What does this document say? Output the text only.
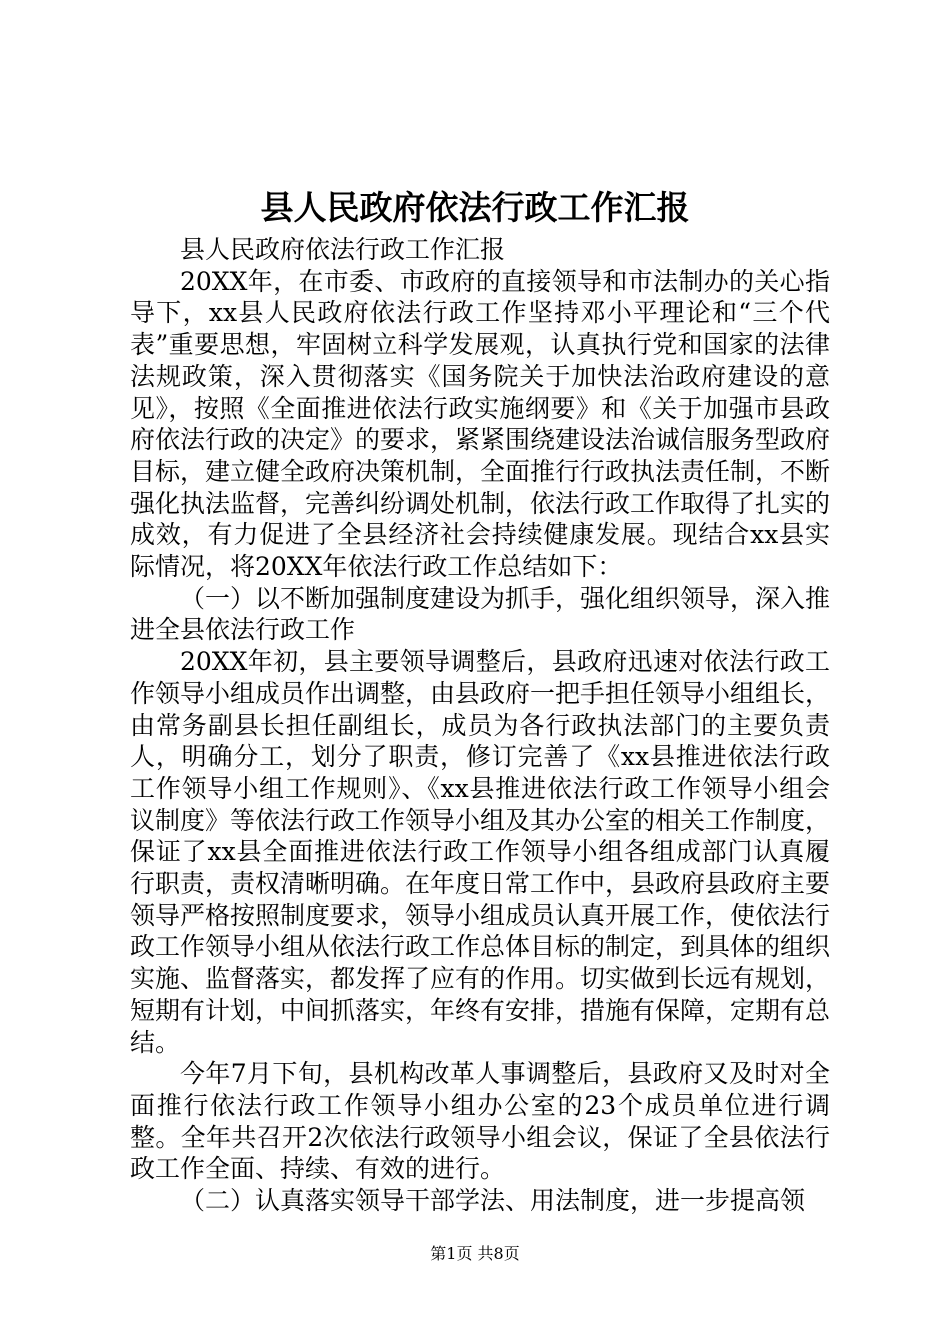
县人民政府依法行政工作汇报

县人民政府依法行政工作汇报

20XX年，在市委、市政府的直接领导和市法制办的关心指导下，xx县人民政府依法行政工作坚持邓小平理论和“三个代表”重要思想，牢固树立科学发展观，认真执行党和国家的法律法规政策，深入贯彻落实《国务院关于加快法治政府建设的意见》，按照《全面推进依法行政实施纲要》和《关于加强市县政府依法行政的决定》的要求，紧紧围绕建设法治诚信服务型政府目标，建立健全政府决策机制，全面推行行政执法责任制，不断强化执法监督，完善纠纷调处机制，依法行政工作取得了扎实的成效，有力促进了全县经济社会持续健康发展。现结合xx县实际情况，将20XX年依法行政工作总结如下：

（一）以不断加强制度建设为抓手，强化组织领导，深入推进全县依法行政工作

20XX年初，县主要领导调整后，县政府迅速对依法行政工作领导小组成员作出调整，由县政府一把手担任领导小组组长，由常务副县长担任副组长，成员为各行政执法部门的主要负责人，明确分工，划分了职责，修订完善了《xx县推进依法行政工作领导小组工作规则》、《xx县推进依法行政工作领导小组会议制度》等依法行政工作领导小组及其办公室的相关工作制度，保证了xx县全面推进依法行政工作领导小组各组成部门认真履行职责，责权清晰明确。在年度日常工作中，县政府县政府主要领导严格按照制度要求，领导小组成员认真开展工作，使依法行政工作领导小组从依法行政工作总体目标的制定，到具体的组织实施、监督落实，都发挥了应有的作用。切实做到长远有规划，短期有计划，中间抓落实，年终有安排，措施有保障，定期有总结。

今年7月下旬，县机构改革人事调整后，县政府又及时对全面推行依法行政工作领导小组办公室的23个成员单位进行调整。全年共召开2次依法行政领导小组会议，保证了全县依法行政工作全面、持续、有效的进行。

（二）认真落实领导干部学法、用法制度，进一步提高领

第1页 共8页
